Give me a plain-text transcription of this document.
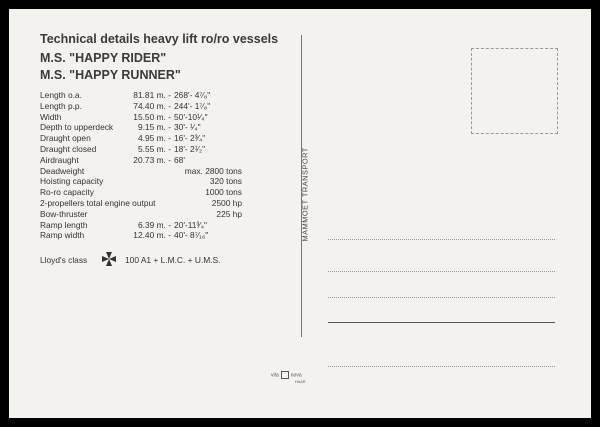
Technical details heavy lift ro/ro vessels
M.S. "HAPPY RIDER"
M.S. "HAPPY RUNNER"
Length o.a.	81.81 m. - 268'- 4⁷⁄₈"
Length p.p.	74.40 m. - 244'- 1⁷⁄₈"
Width	15.50 m. - 50'-10¹⁄₄"
Depth to upperdeck	9.15 m. - 30'- ¹⁄₄"
Draught open	4.95 m. - 16'- 2³⁄₄"
Draught closed	5.55 m. - 18'- 2¹⁄₂"
Airdraught	20.73 m. - 68'
Deadweight	max. 2800 tons
Hoisting capacity	320 tons
Ro-ro capacity	1000 tons
2-propellers total engine output	2500 hp
Bow-thruster	225 hp
Ramp length	6.39 m. - 20'-11³⁄₄"
Ramp width	12.40 m. - 40'- 8⁷⁄₁₆"
Lloyd's class	100 A1 + L.M.C. + U.M.S.
MAMMOET TRANSPORT
vita nova
HAAR
